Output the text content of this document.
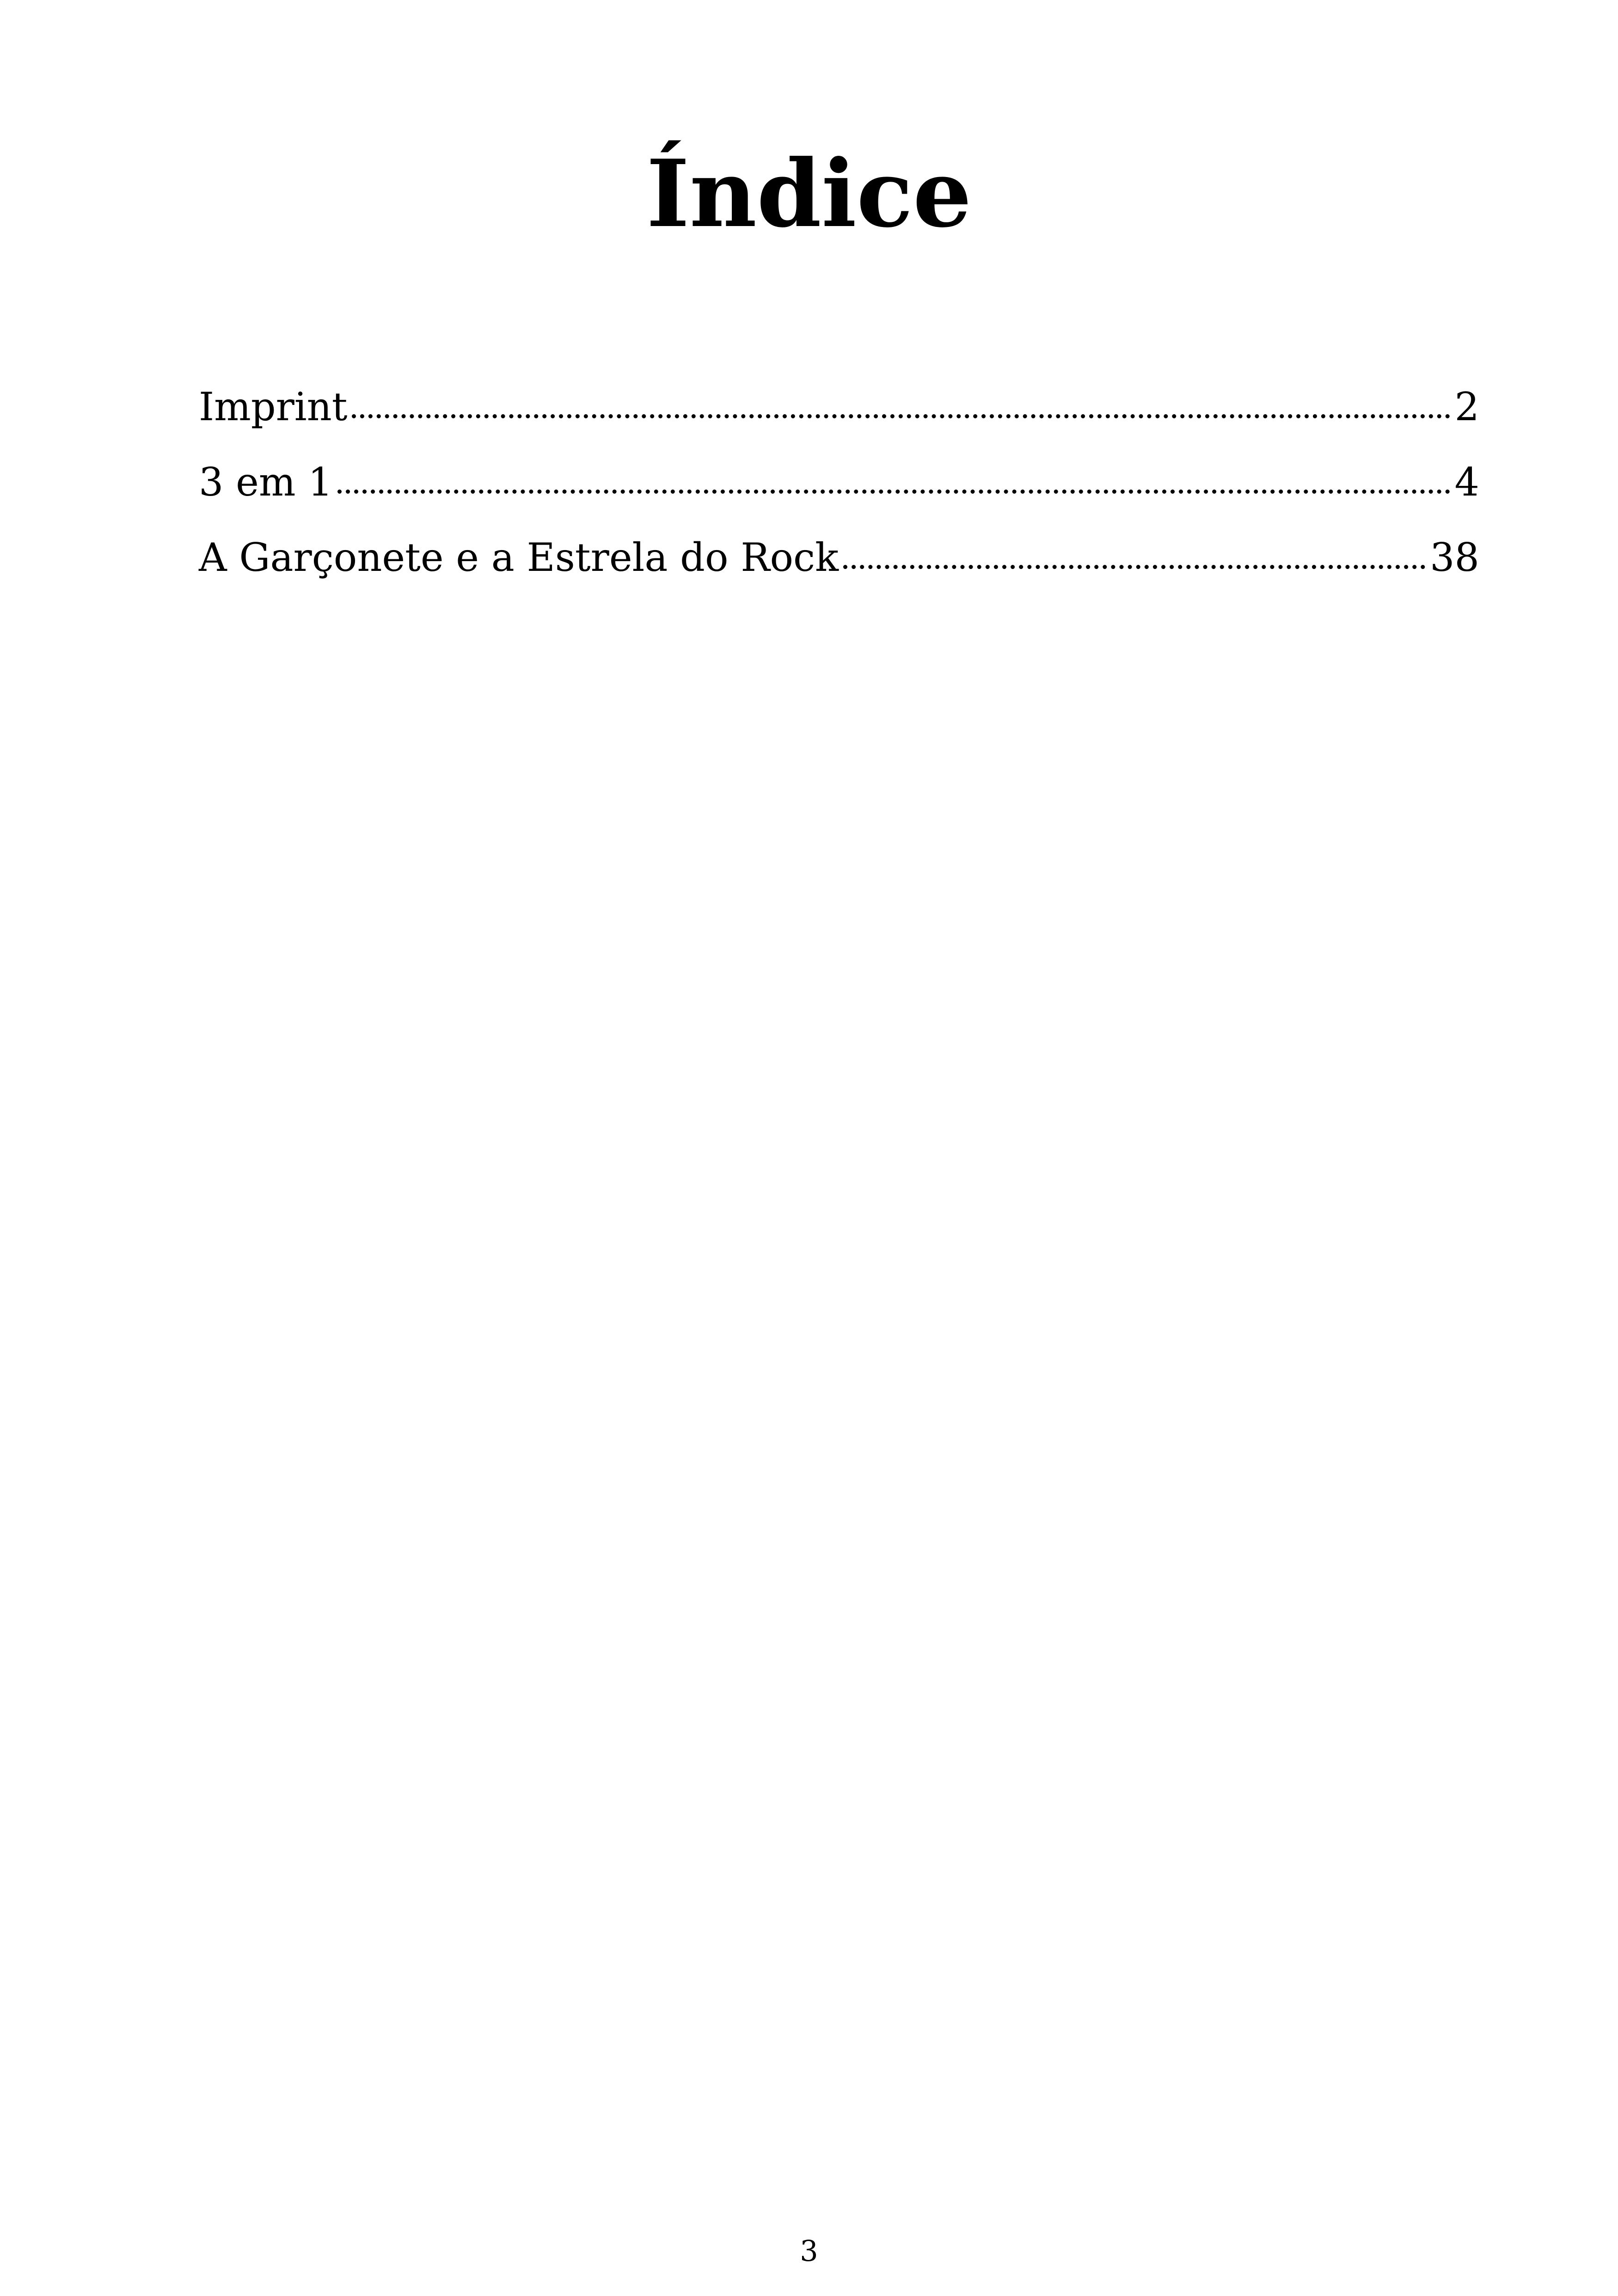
Índice
Imprint	2
3 em 1	4
A Garçonete e a Estrela do Rock	38
3
